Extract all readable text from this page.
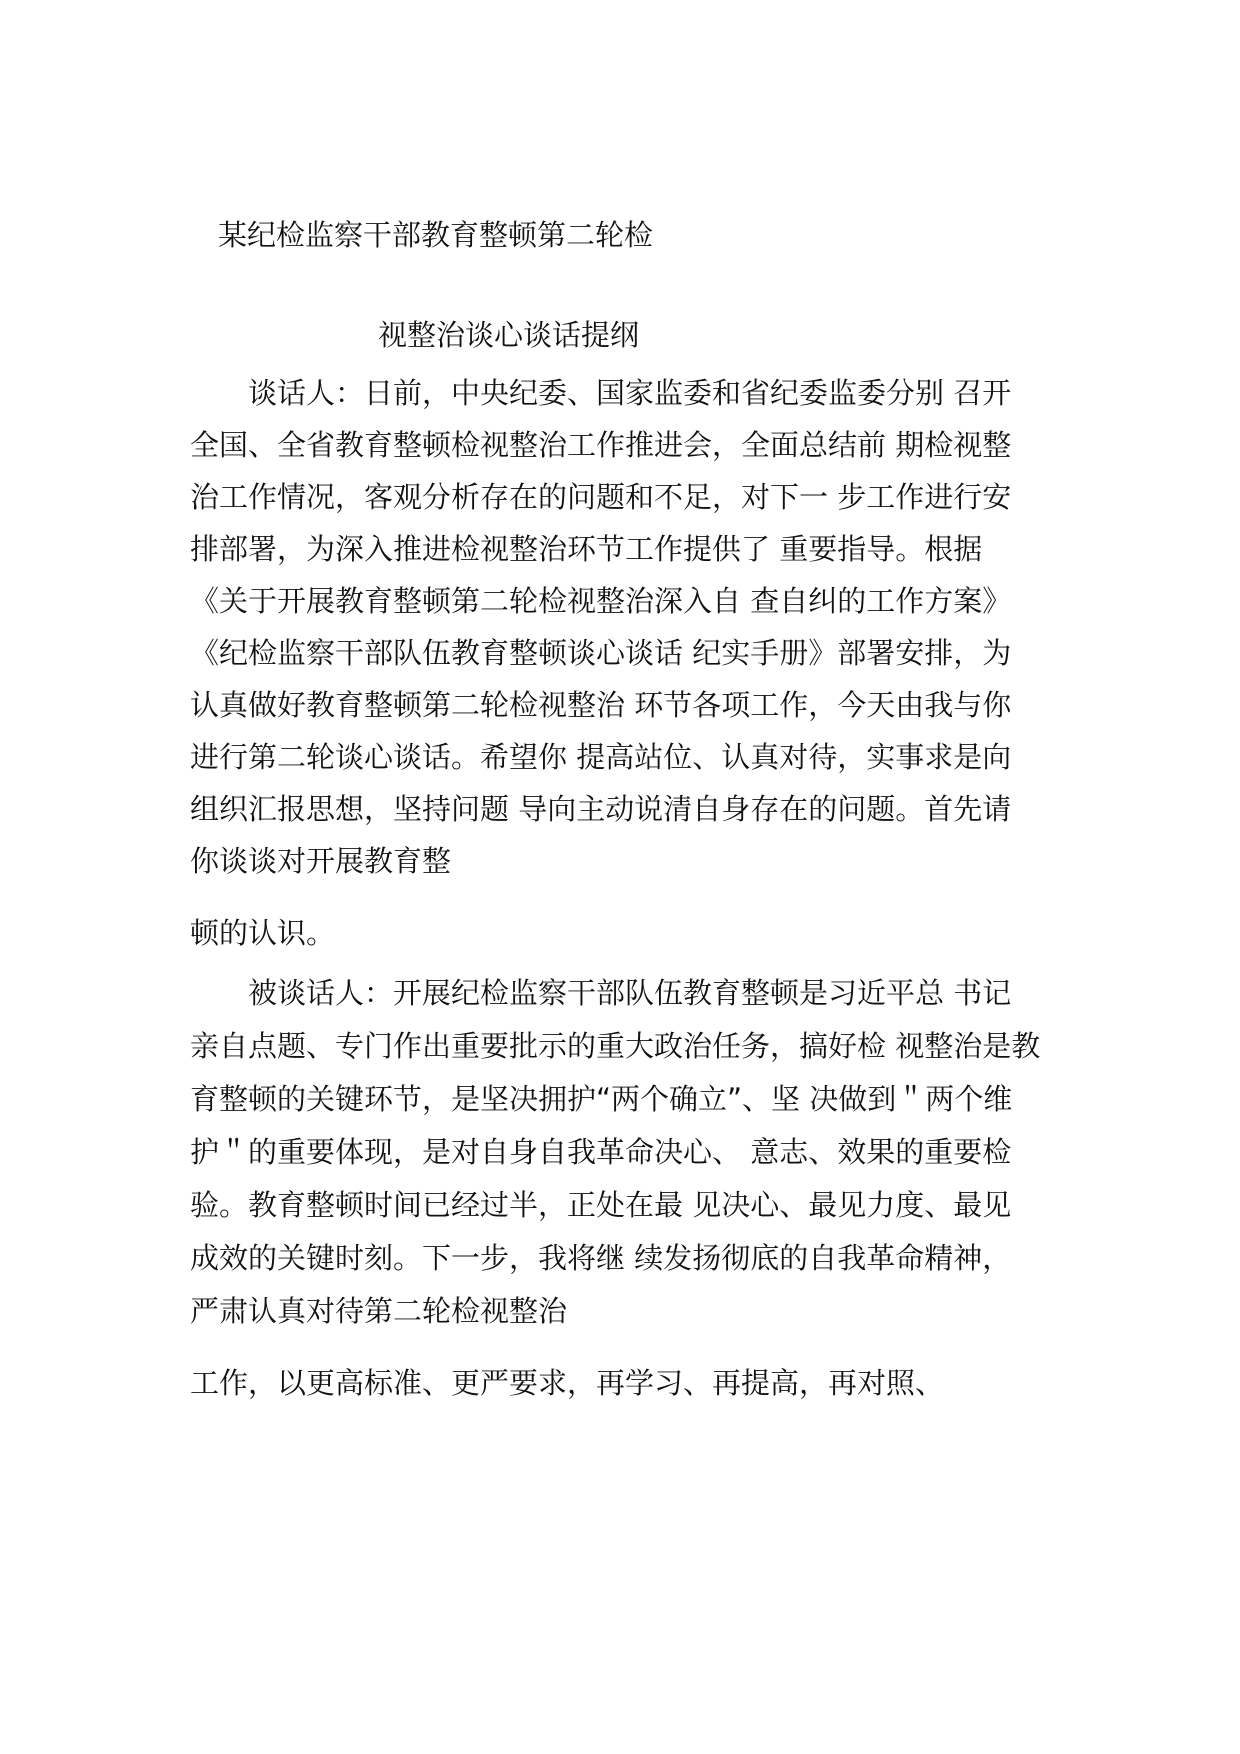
某纪检监察干部教育整顿第二轮检
视整治谈心谈话提纲
　　谈话人：日前，中央纪委、国家监委和省纪委监委分别 召开
全国、全省教育整顿检视整治工作推进会，全面总结前 期检视整
治工作情况，客观分析存在的问题和不足，对下一 步工作进行安
排部署，为深入推进检视整治环节工作提供了 重要指导。根据
《关于开展教育整顿第二轮检视整治深入自 查自纠的工作方案》
《纪检监察干部队伍教育整顿谈心谈话 纪实手册》部署安排，为
认真做好教育整顿第二轮检视整治 环节各项工作，今天由我与你
进行第二轮谈心谈话。希望你 提高站位、认真对待，实事求是向
组织汇报思想，坚持问题 导向主动说清自身存在的问题。首先请
你谈谈对开展教育整
顿的认识。
　　被谈话人：开展纪检监察干部队伍教育整顿是习近平总 书记
亲自点题、专门作出重要批示的重大政治任务，搞好检 视整治是教
育整顿的关键环节，是坚决拥护“两个确立”、坚 决做到＂两个维
护＂的重要体现，是对自身自我革命决心、 意志、效果的重要检
验。教育整顿时间已经过半，正处在最 见决心、最见力度、最见
成效的关键时刻。下一步，我将继 续发扬彻底的自我革命精神，
严肃认真对待第二轮检视整治
工作，以更高标准、更严要求，再学习、再提高，再对照、
